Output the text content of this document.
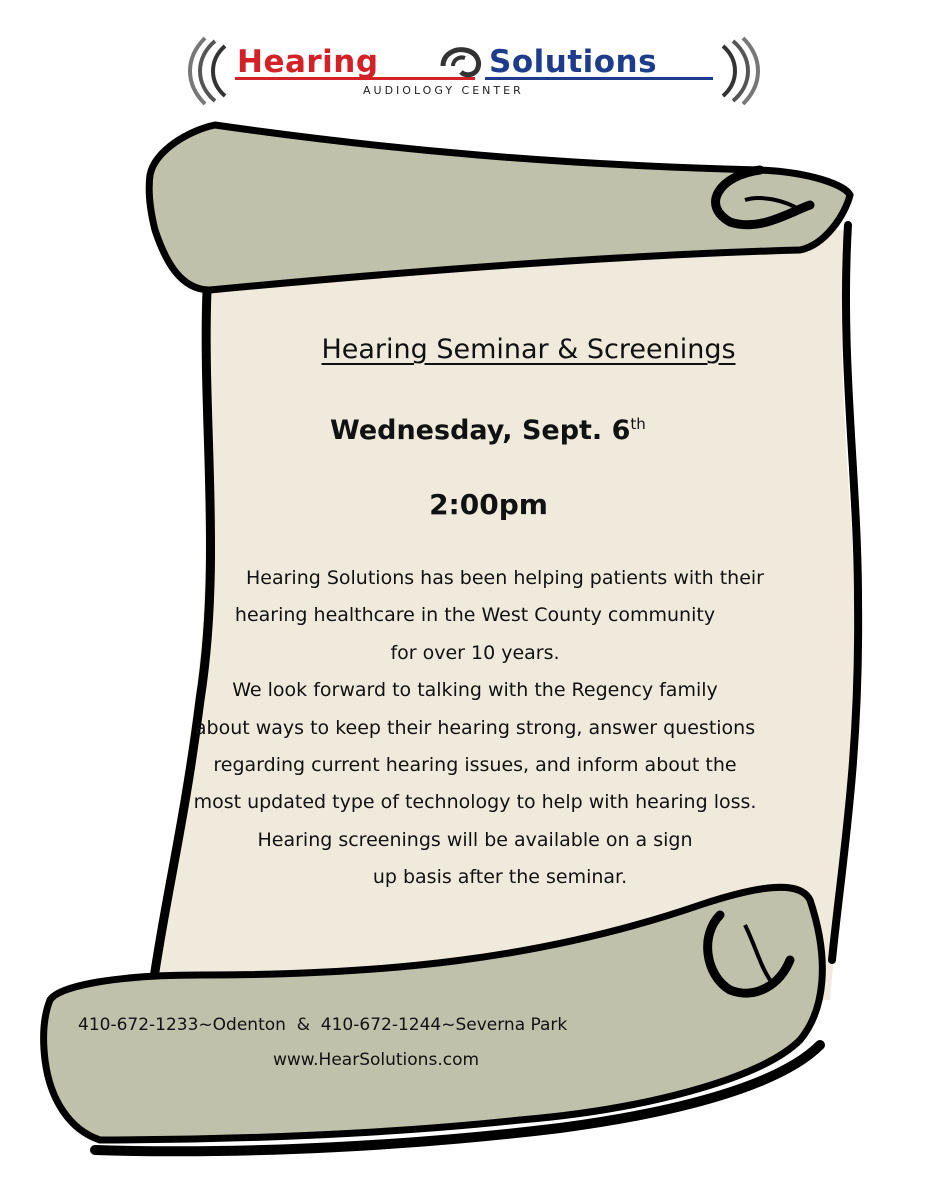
Hearing	Solutions
AUDIOLOGY CENTER
Hearing Seminar & Screenings
Wednesday, Sept. 6th
2:00pm
Hearing Solutions has been helping patients with their
hearing healthcare in the West County community
for over 10 years.
We look forward to talking with the Regency family
about ways to keep their hearing strong, answer questions
regarding current hearing issues, and inform about the
most updated type of technology to help with hearing loss.
Hearing screenings will be available on a sign
up basis after the seminar.
410-672-1233~Odenton  &  410-672-1244~Severna Park
www.HearSolutions.com
